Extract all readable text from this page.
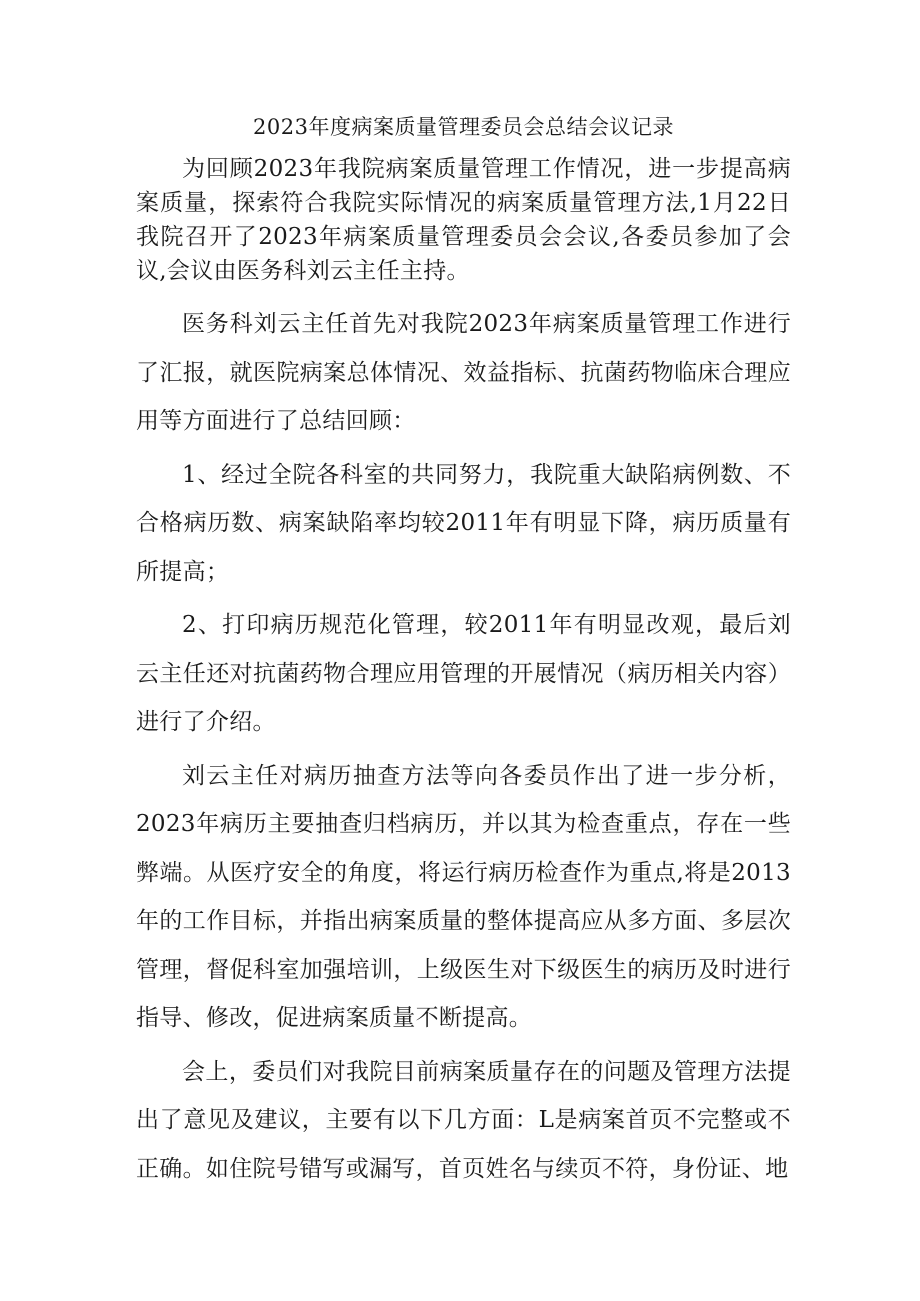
2023年度病案质量管理委员会总结会议记录

为回顾2023年我院病案质量管理工作情况，进一步提高病案质量，探索符合我院实际情况的病案质量管理方法,1月22日我院召开了2023年病案质量管理委员会会议,各委员参加了会议,会议由医务科刘云主任主持。

医务科刘云主任首先对我院2023年病案质量管理工作进行了汇报，就医院病案总体情况、效益指标、抗菌药物临床合理应用等方面进行了总结回顾：

1、经过全院各科室的共同努力，我院重大缺陷病例数、不合格病历数、病案缺陷率均较2011年有明显下降，病历质量有所提高；

2、打印病历规范化管理，较2011年有明显改观，最后刘云主任还对抗菌药物合理应用管理的开展情况（病历相关内容）进行了介绍。

刘云主任对病历抽查方法等向各委员作出了进一步分析，2023年病历主要抽查归档病历，并以其为检查重点，存在一些弊端。从医疗安全的角度，将运行病历检查作为重点,将是2013年的工作目标，并指出病案质量的整体提高应从多方面、多层次管理，督促科室加强培训，上级医生对下级医生的病历及时进行指导、修改，促进病案质量不断提高。

会上，委员们对我院目前病案质量存在的问题及管理方法提出了意见及建议，主要有以下几方面：L是病案首页不完整或不正确。如住院号错写或漏写，首页姓名与续页不符，身份证、地
